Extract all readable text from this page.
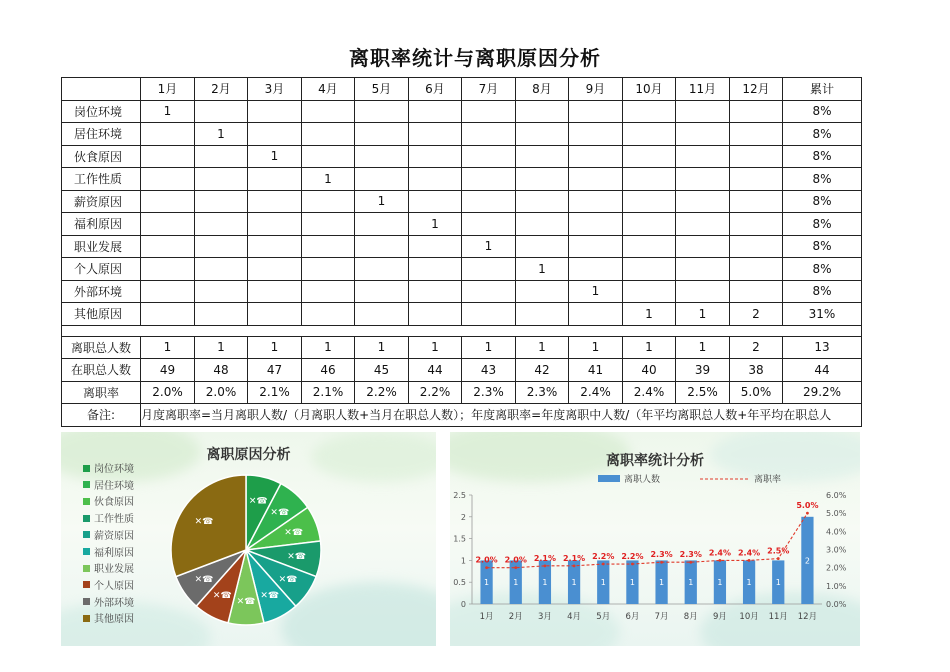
离职率统计与离职原因分析
	1月	2月	3月	4月	5月	6月	7月	8月	9月	10月	11月	12月	累计
岗位环境	1												8%
居住环境		1											8%
伙食原因			1										8%
工作性质				1									8%
薪资原因					1								8%
福利原因						1							8%
职业发展							1						8%
个人原因								1					8%
外部环境									1				8%
其他原因										1	1	2	31%

离职总人数	1	1	1	1	1	1	1	1	1	1	1	2	13
在职总人数	49	48	47	46	45	44	43	42	41	40	39	38	44
离职率	2.0%	2.0%	2.1%	2.1%	2.2%	2.2%	2.3%	2.3%	2.4%	2.4%	2.5%	5.0%	29.2%
备注:	月度离职率=当月离职人数/（月离职人数+当月在职总人数）；年度离职率=年度离职中人数/（年平均离职总人数+年平均在职总人												
离职原因分析
岗位环境
居住环境
伙食原因
工作性质
薪资原因
福利原因
职业发展
个人原因
外部环境
其他原因
✕☎
✕☎
✕☎
✕☎
✕☎
✕☎
✕☎
✕☎
✕☎
✕☎
离职率统计分析
0
0.5
1
1.5
2
2.5
0.0%
1.0%
2.0%
3.0%
4.0%
5.0%
6.0%
1
1月
1
2月
1
3月
1
4月
1
5月
1
6月
1
7月
1
8月
1
9月
1
10月
1
11月
2
12月
2.0% 2.0% 2.1% 2.1% 2.2% 2.2% 2.3% 2.3% 2.4% 2.4% 2.5%
5.0%
离职人数	离职率
